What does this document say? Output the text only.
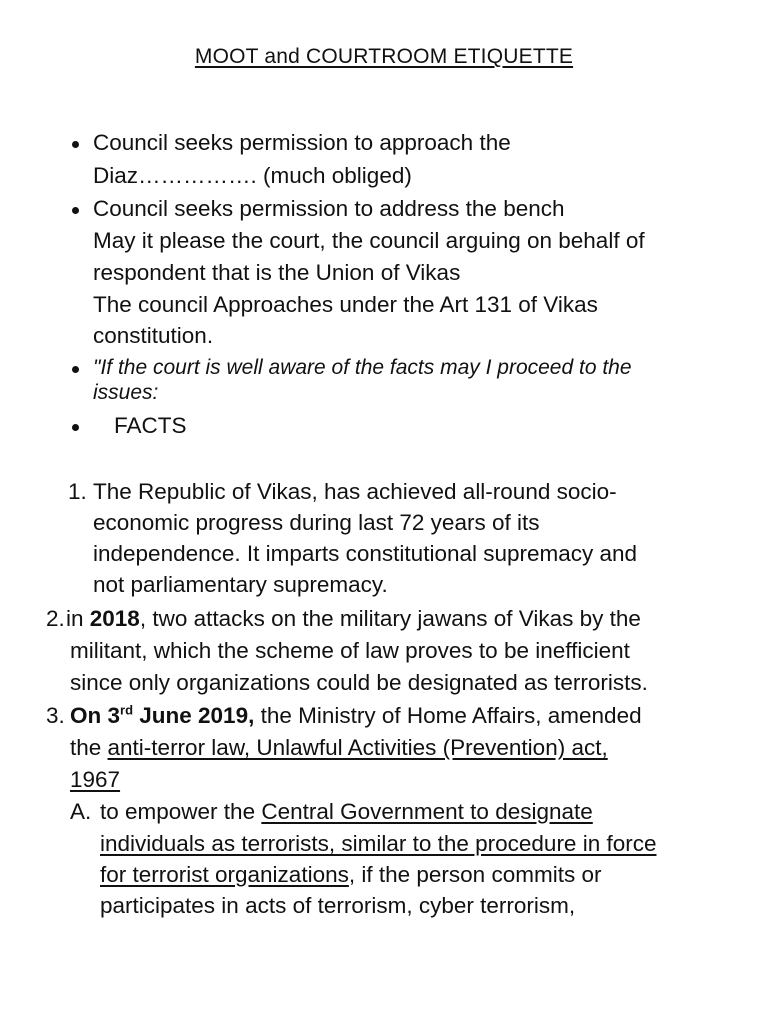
MOOT and COURTROOM ETIQUETTE
Council seeks permission to approach the
Diaz……………. (much obliged)
Council seeks permission to address the bench
May it please the court, the council arguing on behalf of
respondent that is the Union of Vikas
The council Approaches under the Art 131 of Vikas
constitution.
"If the court is well aware of the facts may I proceed to the
issues:
FACTS
1. The Republic of Vikas, has achieved all-round socio-
economic progress during last 72 years of its
independence. It imparts constitutional supremacy and
not parliamentary supremacy.
2. in 2018, two attacks on the military jawans of Vikas by the
militant, which the scheme of law proves to be inefficient
since only organizations could be designated as terrorists.
3. On 3rd June 2019, the Ministry of Home Affairs, amended
the anti-terror law, Unlawful Activities (Prevention) act,
1967
A. to empower the Central Government to designate
individuals as terrorists, similar to the procedure in force
for terrorist organizations, if the person commits or
participates in acts of terrorism, cyber terrorism,
